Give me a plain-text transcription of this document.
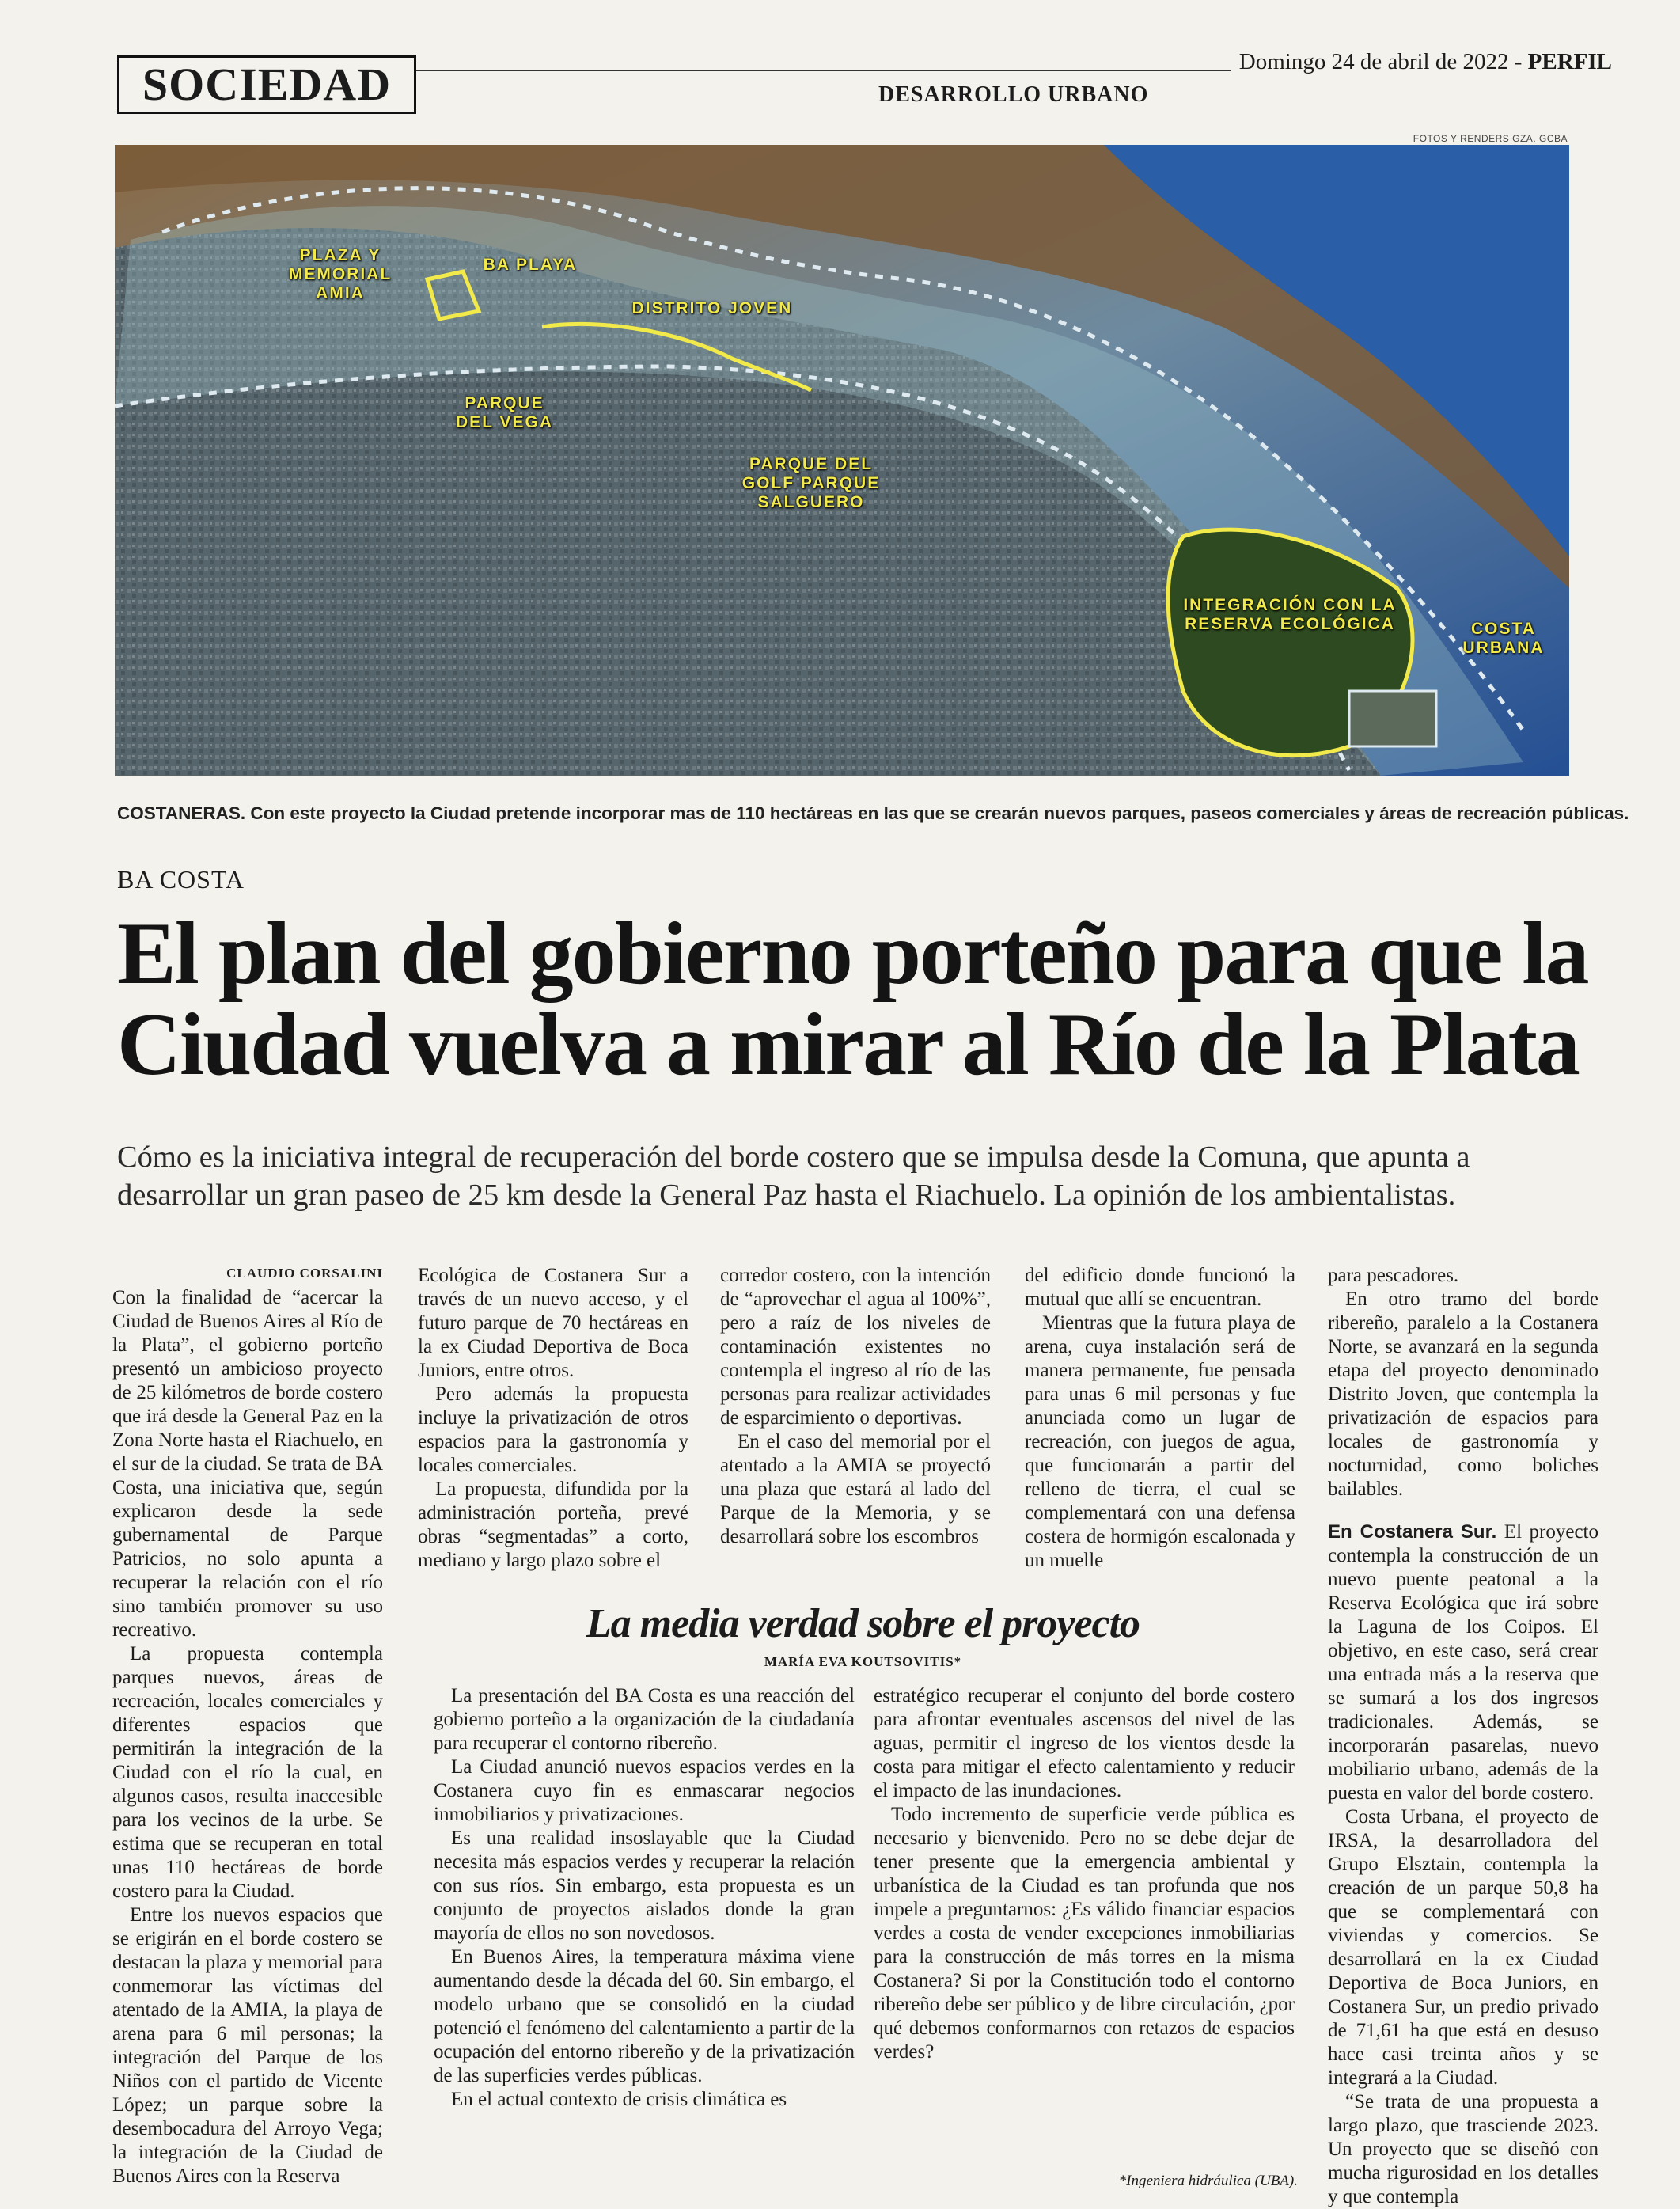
SOCIEDAD	Domingo 24 de abril de 2022 - PERFIL
DESARROLLO URBANO
FOTOS Y RENDERS GZA. GCBA
PLAZA Y MEMORIAL AMIA
BA PLAYA
DISTRITO JOVEN
PARQUE DEL VEGA
PARQUE DEL GOLF PARQUE SALGUERO
INTEGRACIÓN CON LA RESERVA ECOLÓGICA	COSTA URBANA
COSTANERAS. Con este proyecto la Ciudad pretende incorporar mas de 110 hectáreas en las que se crearán nuevos parques, paseos comerciales y áreas de recreación públicas.
BA COSTA
El plan del gobierno porteño para que la Ciudad vuelva a mirar al Río de la Plata
Cómo es la iniciativa integral de recuperación del borde costero que se impulsa desde la Comuna, que apunta a desarrollar un gran paseo de 25 km desde la General Paz hasta el Riachuelo. La opinión de los ambientalistas.
CLAUDIO CORSALINI

Con la finalidad de “acercar la Ciudad de Buenos Aires al Río de la Plata”, el gobierno porteño presentó un ambicioso proyecto de 25 kilómetros de borde costero que irá desde la General Paz en la Zona Norte hasta el Riachuelo, en el sur de la ciudad. Se trata de BA Costa, una iniciativa que, según explicaron desde la sede gubernamental de Parque Patricios, no solo apunta a recuperar la relación con el río sino también promover su uso recreativo.

La propuesta contempla parques nuevos, áreas de recreación, locales comerciales y diferentes espacios que permitirán la integración de la Ciudad con el río la cual, en algunos casos, resulta inaccesible para los vecinos de la urbe. Se estima que se recuperan en total unas 110 hectáreas de borde costero para la Ciudad.

Entre los nuevos espacios que se erigirán en el borde costero se destacan la plaza y memorial para conmemorar las víctimas del atentado de la AMIA, la playa de arena para 6 mil personas; la integración del Parque de los Niños con el partido de Vicente López; un parque sobre la desembocadura del Arroyo Vega; la integración de la Ciudad de Buenos Aires con la Reserva

Ecológica de Costanera Sur a través de un nuevo acceso, y el futuro parque de 70 hectáreas en la ex Ciudad Deportiva de Boca Juniors, entre otros.

Pero además la propuesta incluye la privatización de otros espacios para la gastronomía y locales comerciales.

La propuesta, difundida por la administración porteña, prevé obras “segmentadas” a corto, mediano y largo plazo sobre el

corredor costero, con la intención de “aprovechar el agua al 100%”, pero a raíz de los niveles de contaminación existentes no contempla el ingreso al río de las personas para realizar actividades de esparcimiento o deportivas.

En el caso del memorial por el atentado a la AMIA se proyectó una plaza que estará al lado del Parque de la Memoria, y se desarrollará sobre los escombros

del edificio donde funcionó la mutual que allí se encuentran.

Mientras que la futura playa de arena, cuya instalación será de manera permanente, fue pensada para unas 6 mil personas y fue anunciada como un lugar de recreación, con juegos de agua, que funcionarán a partir del relleno de tierra, el cual se complementará con una defensa costera de hormigón escalonada y un muelle

para pescadores.

En otro tramo del borde ribereño, paralelo a la Costanera Norte, se avanzará en la segunda etapa del proyecto denominado Distrito Joven, que contempla la privatización de espacios para locales de gastronomía y nocturnidad, como boliches bailables.

En Costanera Sur. El proyecto contempla la construcción de un nuevo puente peatonal a la Reserva Ecológica que irá sobre la Laguna de los Coipos. El objetivo, en este caso, será crear una entrada más a la reserva que se sumará a los dos ingresos tradicionales. Además, se incorporarán pasarelas, nuevo mobiliario urbano, además de la puesta en valor del borde costero.

Costa Urbana, el proyecto de IRSA, la desarrolladora del Grupo Elsztain, contempla la creación de un parque 50,8 ha que se complementará con viviendas y comercios. Se desarrollará en la ex Ciudad Deportiva de Boca Juniors, en Costanera Sur, un predio privado de 71,61 ha que está en desuso hace casi treinta años y se integrará a la Ciudad.

“Se trata de una propuesta a largo plazo, que trasciende 2023. Un proyecto que se diseñó con mucha rigurosidad en los detalles y que contempla

La media verdad sobre el proyecto
MARÍA EVA KOUTSOVITIS*

La presentación del BA Costa es una reacción del gobierno porteño a la organización de la ciudadanía para recuperar el contorno ribereño.

La Ciudad anunció nuevos espacios verdes en la Costanera cuyo fin es enmascarar negocios inmobiliarios y privatizaciones.

Es una realidad insoslayable que la Ciudad necesita más espacios verdes y recuperar la relación con sus ríos. Sin embargo, esta propuesta es un conjunto de proyectos aislados donde la gran mayoría de ellos no son novedosos.

En Buenos Aires, la temperatura máxima viene aumentando desde la década del 60. Sin embargo, el modelo urbano que se consolidó en la ciudad potenció el fenómeno del calentamiento a partir de la ocupación del entorno ribereño y de la privatización de las superficies verdes públicas.

En el actual contexto de crisis climática es

estratégico recuperar el conjunto del borde costero para afrontar eventuales ascensos del nivel de las aguas, permitir el ingreso de los vientos desde la costa para mitigar el efecto calentamiento y reducir el impacto de las inundaciones.

Todo incremento de superficie verde pública es necesario y bienvenido. Pero no se debe dejar de tener presente que la emergencia ambiental y urbanística de la Ciudad es tan profunda que nos impele a preguntarnos: ¿Es válido financiar espacios verdes a costa de vender excepciones inmobiliarias para la construcción de más torres en la misma Costanera? Si por la Constitución todo el contorno ribereño debe ser público y de libre circulación, ¿por qué debemos conformarnos con retazos de espacios verdes?

*Ingeniera hidráulica (UBA).
